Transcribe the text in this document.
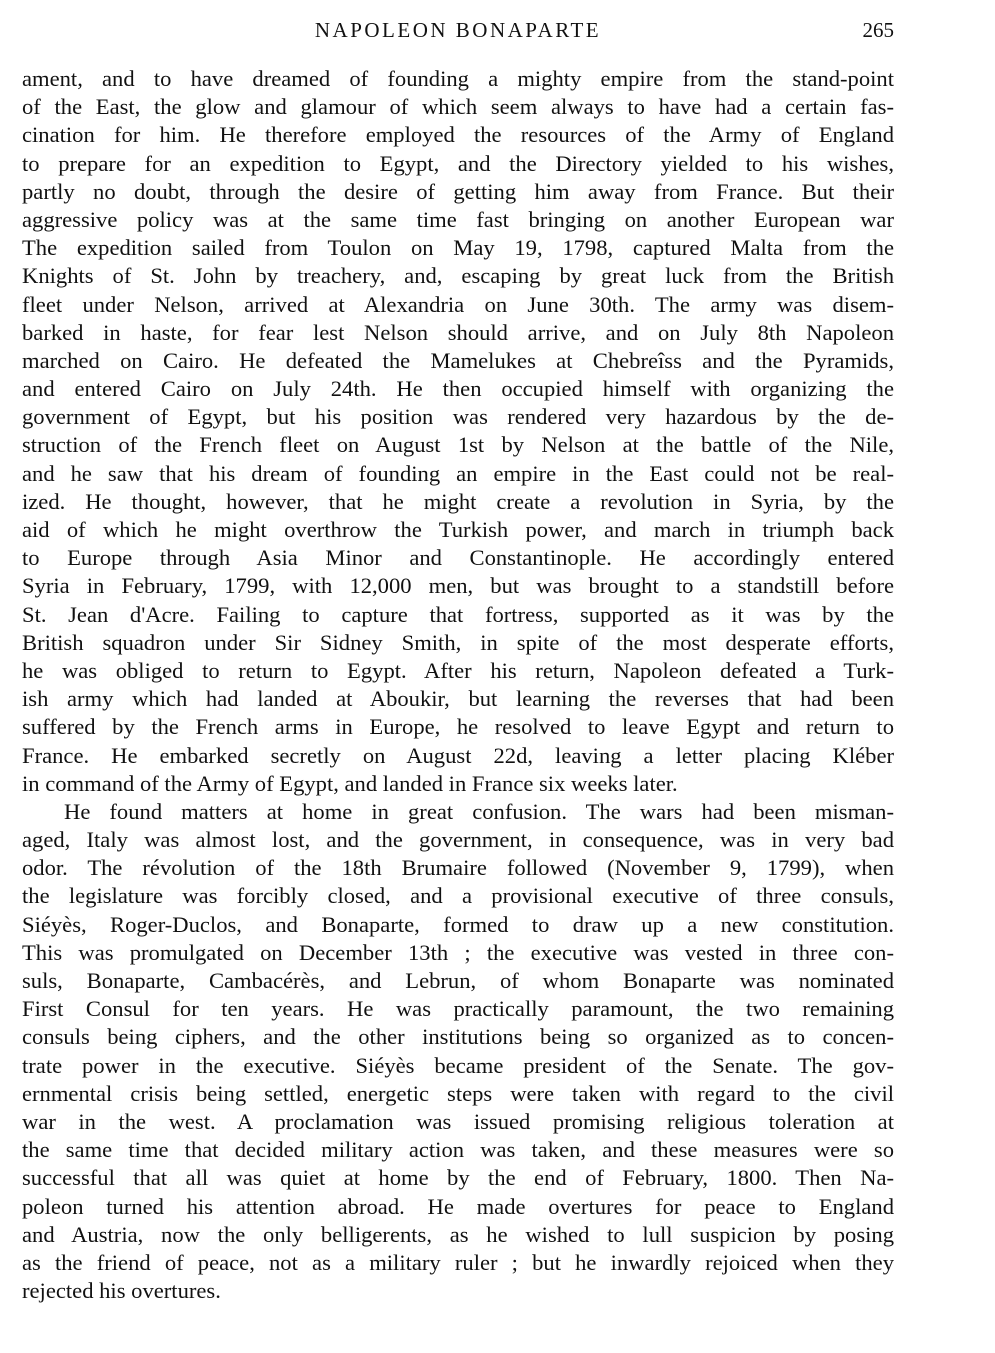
NAPOLEON BONAPARTE	265
ament, and to have dreamed of founding a mighty empire from the stand-point
of the East, the glow and glamour of which seem always to have had a certain fas-
cination for him. He therefore employed the resources of the Army of England
to prepare for an expedition to Egypt, and the Directory yielded to his wishes,
partly no doubt, through the desire of getting him away from France. But their
aggressive policy was at the same time fast bringing on another European war
The expedition sailed from Toulon on May 19, 1798, captured Malta from the
Knights of St. John by treachery, and, escaping by great luck from the British
fleet under Nelson, arrived at Alexandria on June 30th. The army was disem-
barked in haste, for fear lest Nelson should arrive, and on July 8th Napoleon
marched on Cairo. He defeated the Mamelukes at Chebreîss and the Pyramids,
and entered Cairo on July 24th. He then occupied himself with organizing the
government of Egypt, but his position was rendered very hazardous by the de-
struction of the French fleet on August 1st by Nelson at the battle of the Nile,
and he saw that his dream of founding an empire in the East could not be real-
ized. He thought, however, that he might create a revolution in Syria, by the
aid of which he might overthrow the Turkish power, and march in triumph back
to Europe through Asia Minor and Constantinople. He accordingly entered
Syria in February, 1799, with 12,000 men, but was brought to a standstill before
St. Jean d'Acre. Failing to capture that fortress, supported as it was by the
British squadron under Sir Sidney Smith, in spite of the most desperate efforts,
he was obliged to return to Egypt. After his return, Napoleon defeated a Turk-
ish army which had landed at Aboukir, but learning the reverses that had been
suffered by the French arms in Europe, he resolved to leave Egypt and return to
France. He embarked secretly on August 22d, leaving a letter placing Kléber
in command of the Army of Egypt, and landed in France six weeks later.
He found matters at home in great confusion. The wars had been misman-
aged, Italy was almost lost, and the government, in consequence, was in very bad
odor. The révolution of the 18th Brumaire followed (November 9, 1799), when
the legislature was forcibly closed, and a provisional executive of three consuls,
Siéyès, Roger-Duclos, and Bonaparte, formed to draw up a new constitution.
This was promulgated on December 13th ; the executive was vested in three con-
suls, Bonaparte, Cambacérès, and Lebrun, of whom Bonaparte was nominated
First Consul for ten years. He was practically paramount, the two remaining
consuls being ciphers, and the other institutions being so organized as to concen-
trate power in the executive. Siéyès became president of the Senate. The gov-
ernmental crisis being settled, energetic steps were taken with regard to the civil
war in the west. A proclamation was issued promising religious toleration at
the same time that decided military action was taken, and these measures were so
successful that all was quiet at home by the end of February, 1800. Then Na-
poleon turned his attention abroad. He made overtures for peace to England
and Austria, now the only belligerents, as he wished to lull suspicion by posing
as the friend of peace, not as a military ruler ; but he inwardly rejoiced when they
rejected his overtures.
